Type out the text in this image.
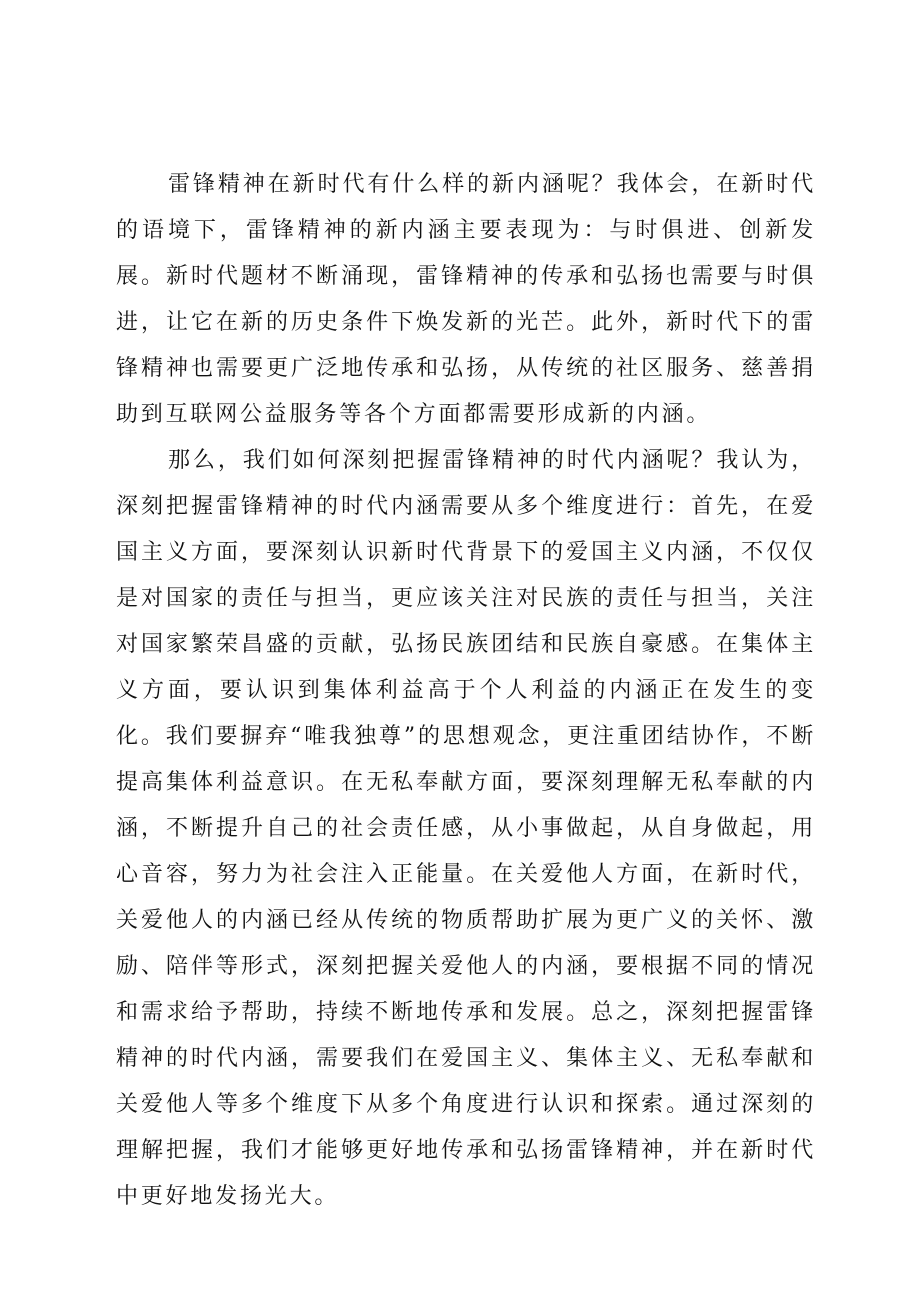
雷锋精神在新时代有什么样的新内涵呢？我体会，在新时代的语境下，雷锋精神的新内涵主要表现为：与时俱进、创新发展。新时代题材不断涌现，雷锋精神的传承和弘扬也需要与时俱进，让它在新的历史条件下焕发新的光芒。此外，新时代下的雷锋精神也需要更广泛地传承和弘扬，从传统的社区服务、慈善捐助到互联网公益服务等各个方面都需要形成新的内涵。

那么，我们如何深刻把握雷锋精神的时代内涵呢？我认为，深刻把握雷锋精神的时代内涵需要从多个维度进行：首先，在爱国主义方面，要深刻认识新时代背景下的爱国主义内涵，不仅仅是对国家的责任与担当，更应该关注对民族的责任与担当，关注对国家繁荣昌盛的贡献，弘扬民族团结和民族自豪感。在集体主义方面，要认识到集体利益高于个人利益的内涵正在发生的变化。我们要摒弃“唯我独尊”的思想观念，更注重团结协作，不断提高集体利益意识。在无私奉献方面，要深刻理解无私奉献的内涵，不断提升自己的社会责任感，从小事做起，从自身做起，用心音容，努力为社会注入正能量。在关爱他人方面，在新时代，关爱他人的内涵已经从传统的物质帮助扩展为更广义的关怀、激励、陪伴等形式，深刻把握关爱他人的内涵，要根据不同的情况和需求给予帮助，持续不断地传承和发展。总之，深刻把握雷锋精神的时代内涵，需要我们在爱国主义、集体主义、无私奉献和关爱他人等多个维度下从多个角度进行认识和探索。通过深刻的理解把握，我们才能够更好地传承和弘扬雷锋精神，并在新时代中更好地发扬光大。
